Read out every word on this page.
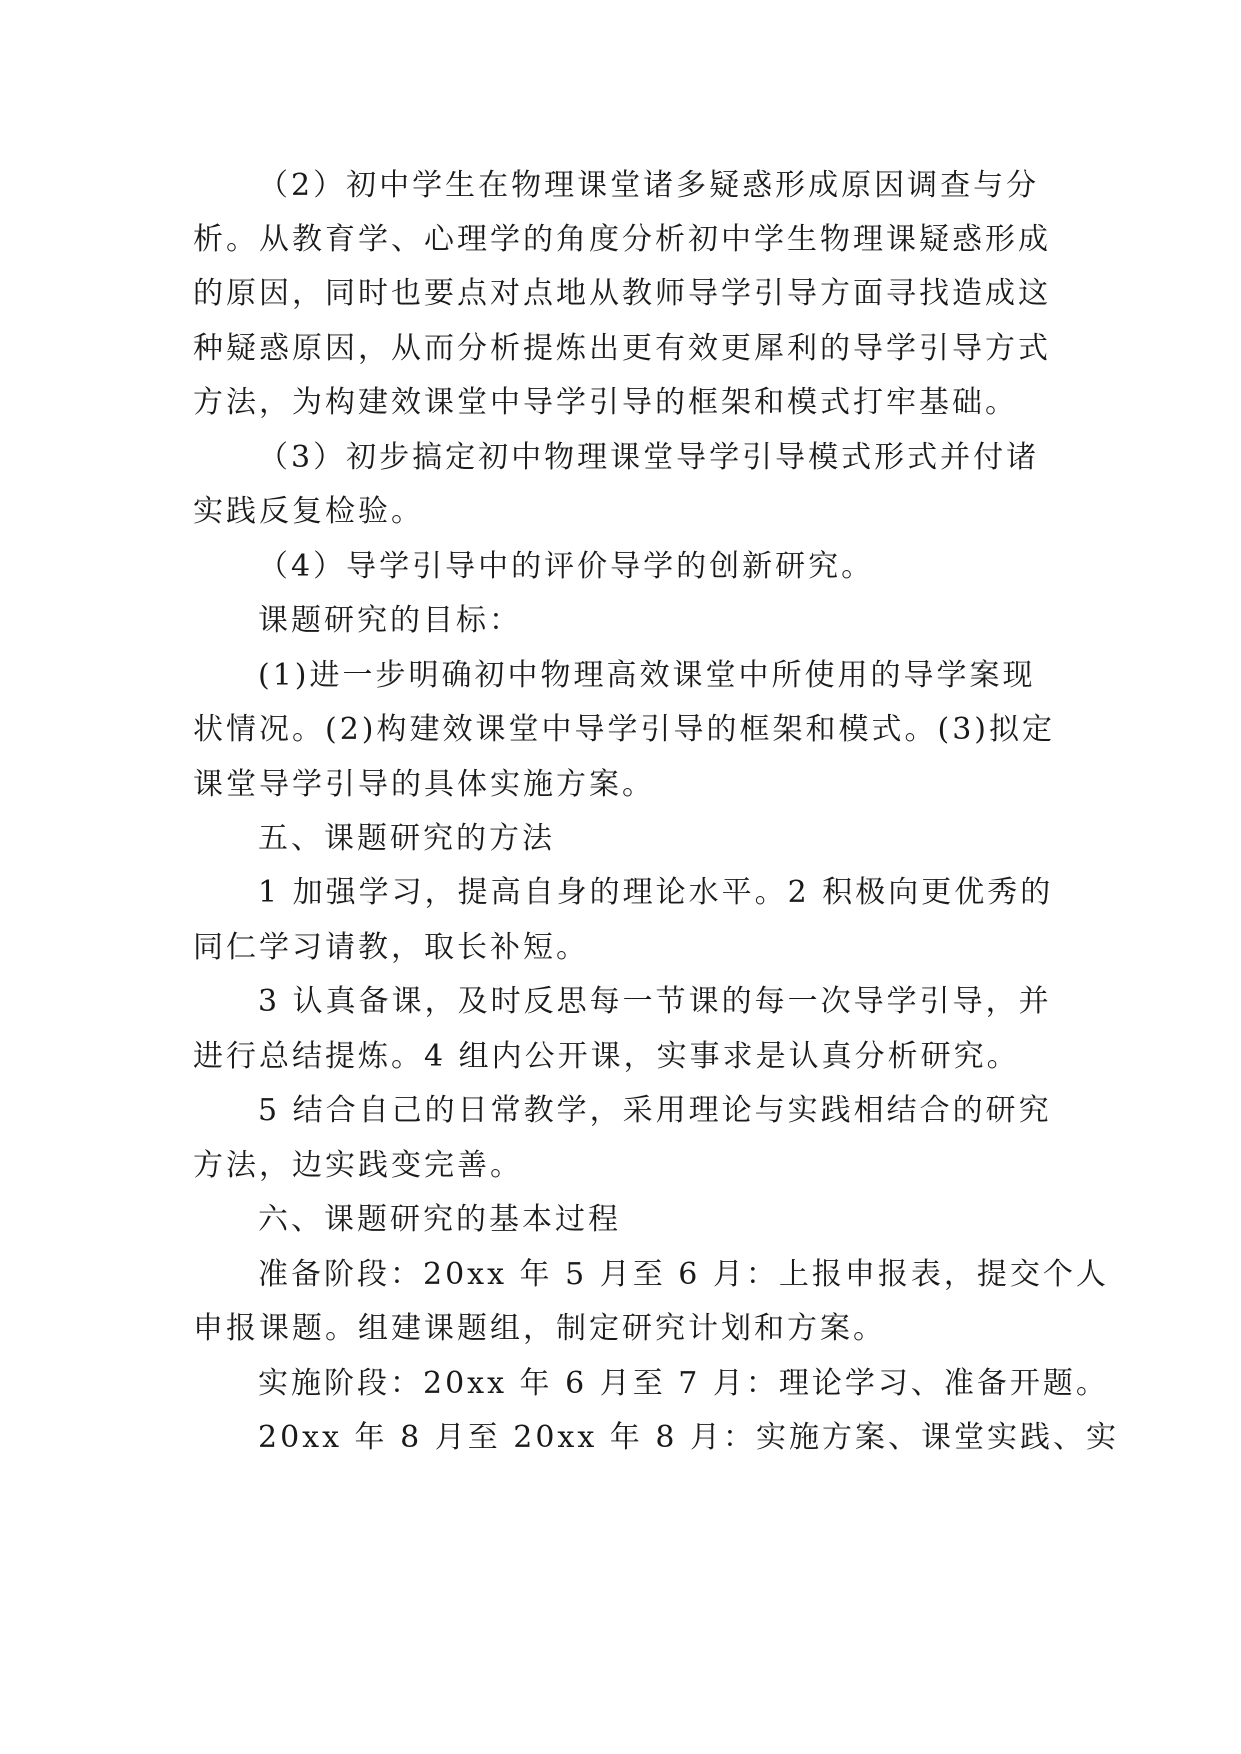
（2）初中学生在物理课堂诸多疑惑形成原因调查与分
析。从教育学、心理学的角度分析初中学生物理课疑惑形成
的原因，同时也要点对点地从教师导学引导方面寻找造成这
种疑惑原因，从而分析提炼出更有效更犀利的导学引导方式
方法，为构建效课堂中导学引导的框架和模式打牢基础。
（3）初步搞定初中物理课堂导学引导模式形式并付诸
实践反复检验。
（4）导学引导中的评价导学的创新研究。
课题研究的目标：
(1)进一步明确初中物理高效课堂中所使用的导学案现
状情况。(2)构建效课堂中导学引导的框架和模式。(3)拟定
课堂导学引导的具体实施方案。
五、课题研究的方法
1 加强学习，提高自身的理论水平。2 积极向更优秀的
同仁学习请教，取长补短。
3 认真备课，及时反思每一节课的每一次导学引导，并
进行总结提炼。4 组内公开课，实事求是认真分析研究。
5 结合自己的日常教学，采用理论与实践相结合的研究
方法，边实践变完善。
六、课题研究的基本过程
准备阶段：20xx 年 5 月至 6 月：上报申报表，提交个人
申报课题。组建课题组，制定研究计划和方案。
实施阶段：20xx 年 6 月至 7 月：理论学习、准备开题。
20xx 年 8 月至 20xx 年 8 月：实施方案、课堂实践、实
